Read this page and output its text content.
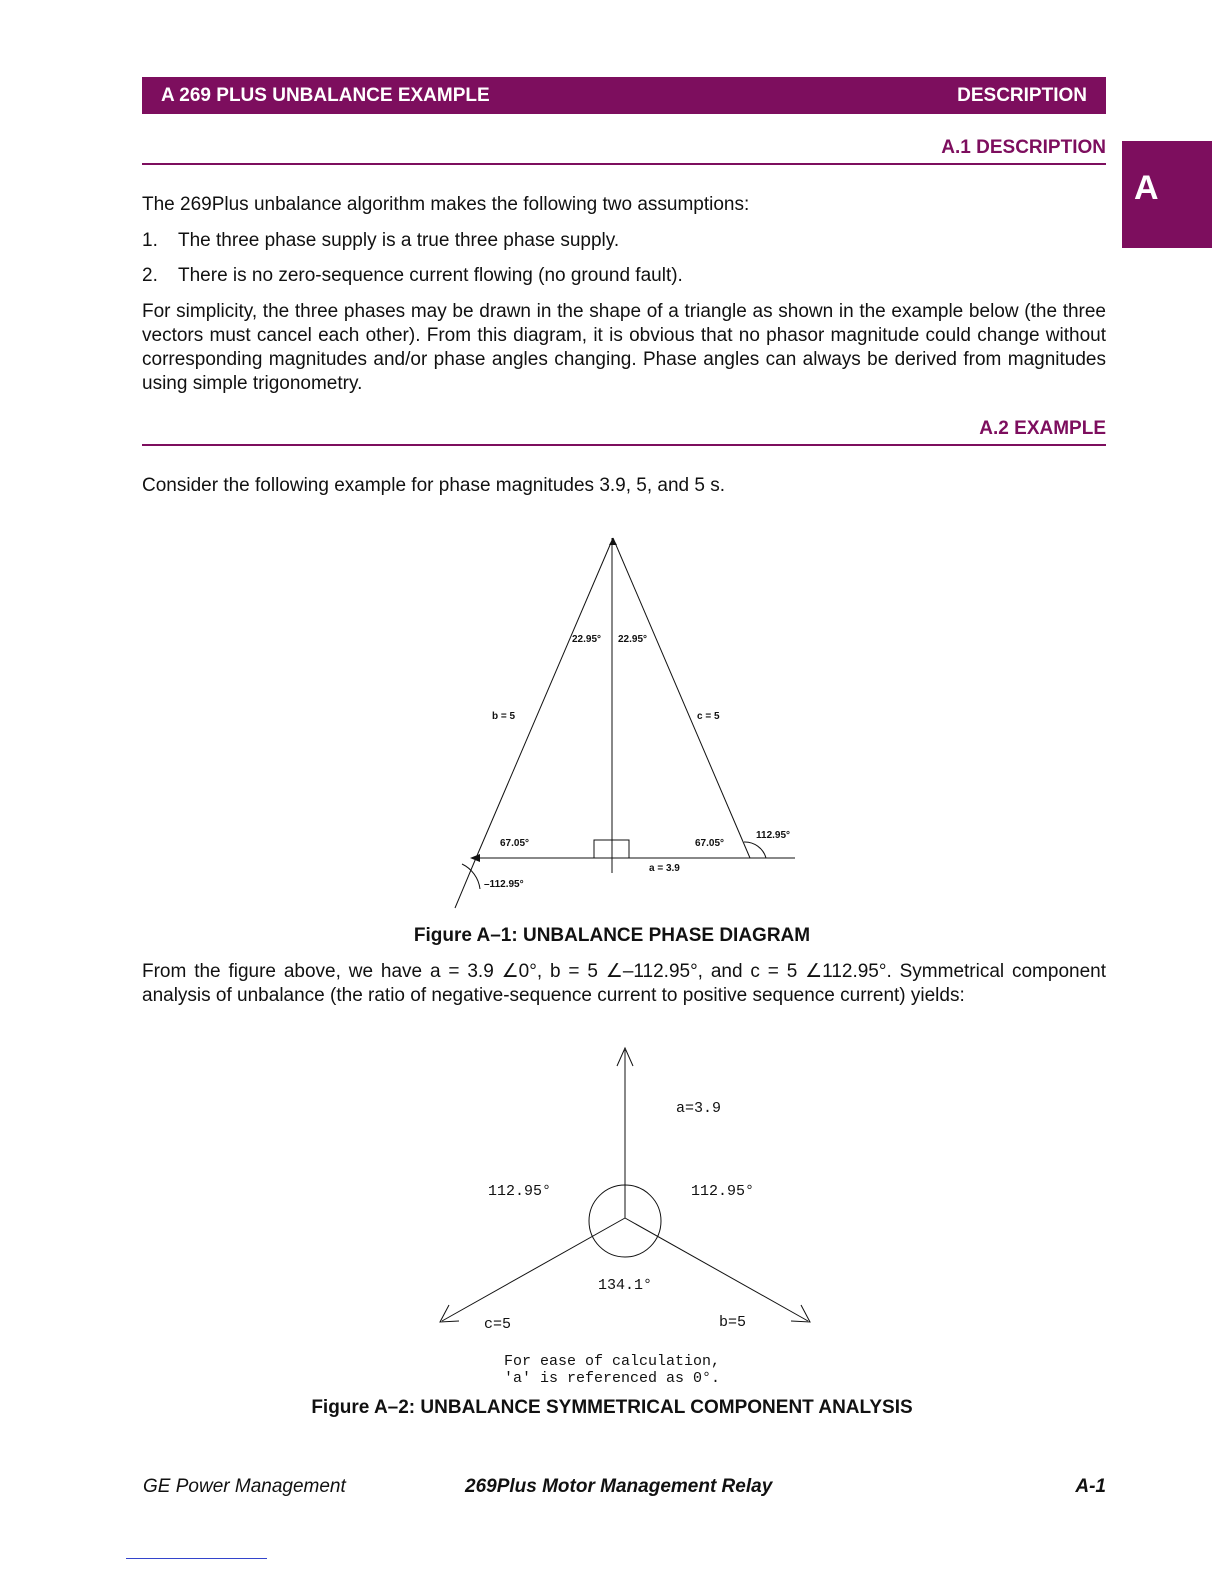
A 269 PLUS UNBALANCE EXAMPLE	DESCRIPTION
A
A.1 DESCRIPTION
The 269Plus unbalance algorithm makes the following two assumptions:
1. The three phase supply is a true three phase supply.
2. There is no zero-sequence current flowing (no ground fault).
For simplicity, the three phases may be drawn in the shape of a triangle as shown in the example below (the three vectors must cancel each other). From this diagram, it is obvious that no phasor magnitude could change without corresponding magnitudes and/or phase angles changing. Phase angles can always be derived from magnitudes using simple trigonometry.
A.2 EXAMPLE
Consider the following example for phase magnitudes 3.9, 5, and 5 s.
22.95° 22.95°
b = 5	c = 5
67.05°	67.05°
112.95°
–112.95°
a = 3.9
Figure A–1: UNBALANCE PHASE DIAGRAM
From the figure above, we have a = 3.9 ∠0°, b = 5 ∠–112.95°, and c = 5 ∠112.95°. Symmetrical component analysis of unbalance (the ratio of negative-sequence current to positive sequence current) yields:
a=3.9
112.95°	112.95°
134.1°
c=5	b=5
For ease of calculation,
'a' is referenced as 0°.
Figure A–2: UNBALANCE SYMMETRICAL COMPONENT ANALYSIS
GE Power Management	269Plus Motor Management Relay	A-1
